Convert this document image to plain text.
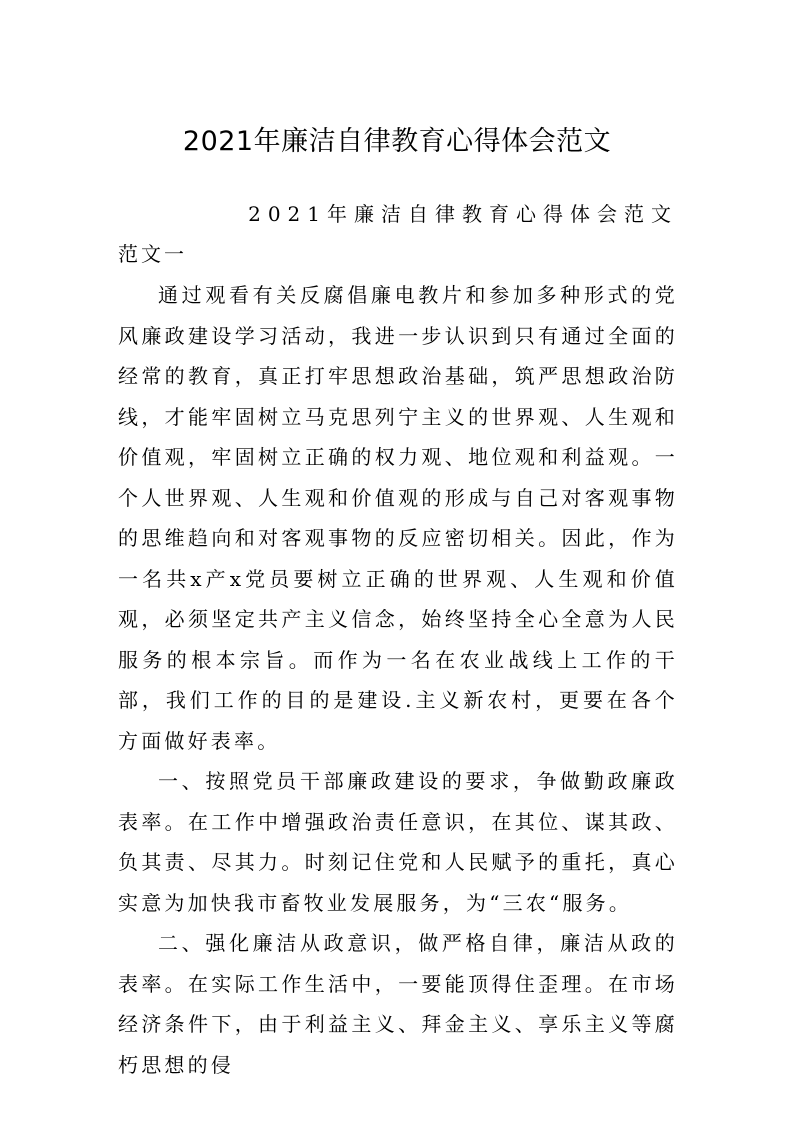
2021年廉洁自律教育心得体会范文
2021年廉洁自律教育心得体会范文
范文一

通过观看有关反腐倡廉电教片和参加多种形式的党风廉政建设学习活动，我进一步认识到只有通过全面的经常的教育，真正打牢思想政治基础，筑严思想政治防线，才能牢固树立马克思列宁主义的世界观、人生观和价值观，牢固树立正确的权力观、地位观和利益观。一个人世界观、人生观和价值观的形成与自己对客观事物的思维趋向和对客观事物的反应密切相关。因此，作为一名共x产x党员要树立正确的世界观、人生观和价值观，必须坚定共产主义信念，始终坚持全心全意为人民服务的根本宗旨。而作为一名在农业战线上工作的干部，我们工作的目的是建设.主义新农村，更要在各个方面做好表率。

一、按照党员干部廉政建设的要求，争做勤政廉政表率。在工作中增强政治责任意识，在其位、谋其政、负其责、尽其力。时刻记住党和人民赋予的重托，真心实意为加快我市畜牧业发展服务，为“三农“服务。

二、强化廉洁从政意识，做严格自律，廉洁从政的表率。在实际工作生活中，一要能顶得住歪理。在市场经济条件下，由于利益主义、拜金主义、享乐主义等腐朽思想的侵
